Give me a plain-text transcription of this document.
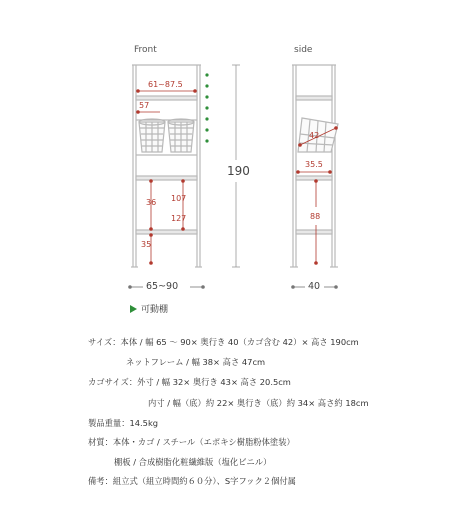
Front	side
61~87.5
57
36 107
127
35
190
65~90
42
35.5
88
40
可動棚
サイズ：本体 / 幅 65 ～ 90× 奥行き 40（カゴ含む 42）× 高さ 190cm
ネットフレーム / 幅 38× 高さ 47cm
カゴサイズ：外寸 / 幅 32× 奥行き 43× 高さ 20.5cm
内寸 / 幅（底）約 22× 奥行き（底）約 34× 高さ約 18cm
製品重量：14.5kg
材質：本体・カゴ / スチール（エポキシ樹脂粉体塗装）
棚板 / 合成樹脂化粧繊維版（塩化ビニル）
備考：組立式（組立時間約６０分）、S字フック２個付属
